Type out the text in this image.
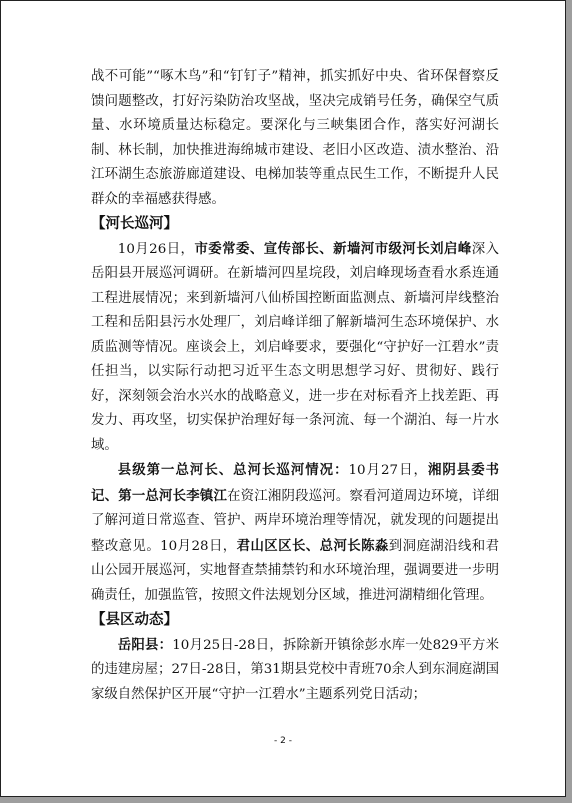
战不可能”“啄木鸟”和“钉钉子”精神，抓实抓好中央、省环保督察反馈问题整改，打好污染防治攻坚战，坚决完成销号任务，确保空气质量、水环境质量达标稳定。要深化与三峡集团合作，落实好河湖长制、林长制，加快推进海绵城市建设、老旧小区改造、渍水整治、沿江环湖生态旅游廊道建设、电梯加装等重点民生工作，不断提升人民群众的幸福感获得感。

【河长巡河】

10月26日，市委常委、宣传部长、新墙河市级河长刘启峰深入岳阳县开展巡河调研。在新墙河四星垸段，刘启峰现场查看水系连通工程进展情况；来到新墙河八仙桥国控断面监测点、新墙河岸线整治工程和岳阳县污水处理厂，刘启峰详细了解新墙河生态环境保护、水质监测等情况。座谈会上，刘启峰要求，要强化“守护好一江碧水”责任担当，以实际行动把习近平生态文明思想学习好、贯彻好、践行好，深刻领会治水兴水的战略意义，进一步在对标看齐上找差距、再发力、再攻坚，切实保护治理好每一条河流、每一个湖泊、每一片水域。

县级第一总河长、总河长巡河情况：10月27日，湘阴县委书记、第一总河长李镇江在资江湘阴段巡河。察看河道周边环境，详细了解河道日常巡查、管护、两岸环境治理等情况，就发现的问题提出整改意见。10月28日，君山区区长、总河长陈淼到洞庭湖沿线和君山公园开展巡河，实地督查禁捕禁钓和水环境治理，强调要进一步明确责任，加强监管，按照文件法规划分区域，推进河湖精细化管理。

【县区动态】

岳阳县：10月25日-28日，拆除新开镇徐彭水库一处829平方米的违建房屋；27日-28日，第31期县党校中青班70余人到东洞庭湖国家级自然保护区开展“守护一江碧水”主题系列党日活动；

- 2 -
